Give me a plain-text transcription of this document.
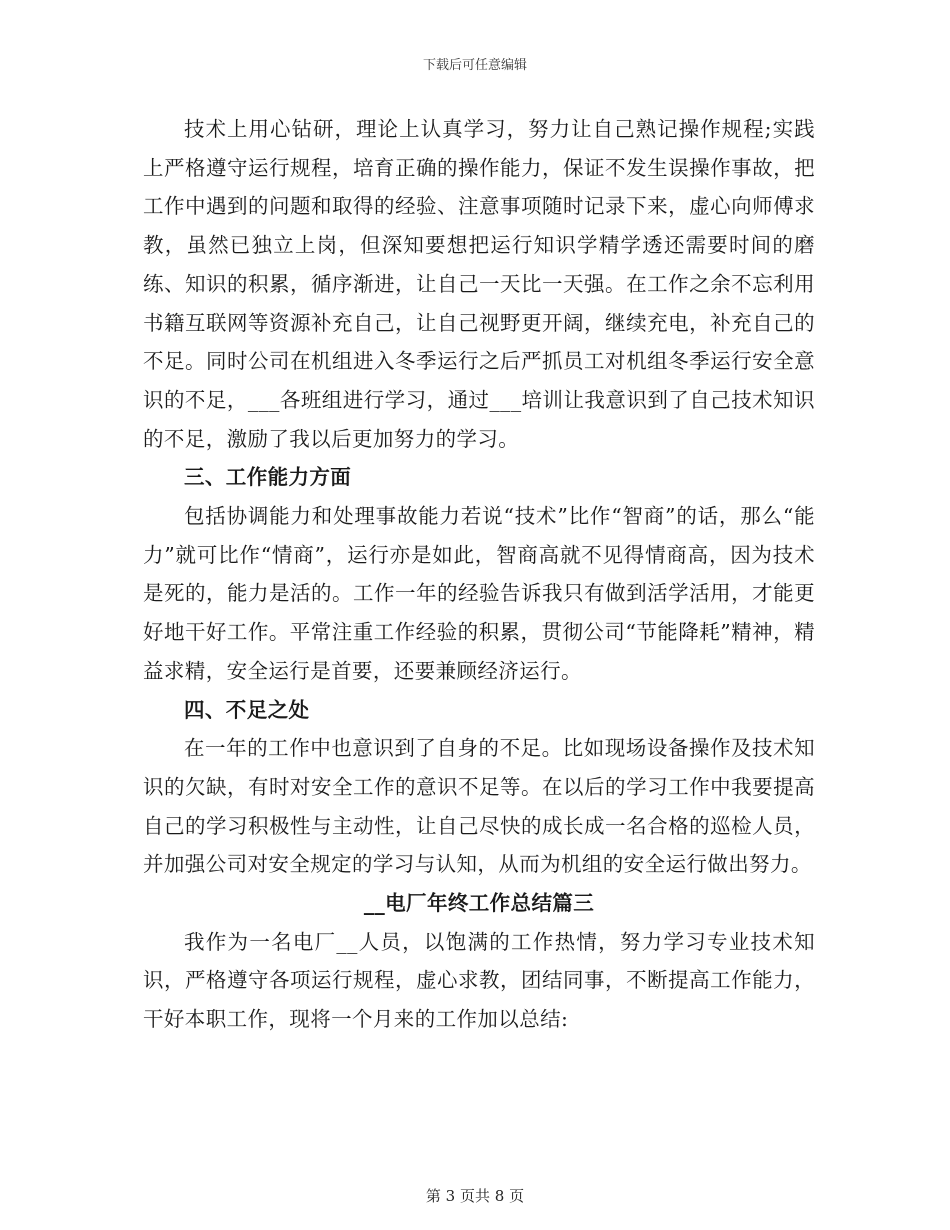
下载后可任意编辑

技术上用心钻研，理论上认真学习，努力让自己熟记操作规程;实践上严格遵守运行规程，培育正确的操作能力，保证不发生误操作事故，把工作中遇到的问题和取得的经验、注意事项随时记录下来，虚心向师傅求教，虽然已独立上岗，但深知要想把运行知识学精学透还需要时间的磨练、知识的积累，循序渐进，让自己一天比一天强。在工作之余不忘利用书籍互联网等资源补充自己，让自己视野更开阔，继续充电，补充自己的不足。同时公司在机组进入冬季运行之后严抓员工对机组冬季运行安全意识的不足，___各班组进行学习，通过___培训让我意识到了自己技术知识的不足，激励了我以后更加努力的学习。

三、工作能力方面

包括协调能力和处理事故能力若说“技术”比作“智商”的话，那么“能力”就可比作“情商”，运行亦是如此，智商高就不见得情商高，因为技术是死的，能力是活的。工作一年的经验告诉我只有做到活学活用，才能更好地干好工作。平常注重工作经验的积累，贯彻公司“节能降耗”精神，精益求精，安全运行是首要，还要兼顾经济运行。

四、不足之处

在一年的工作中也意识到了自身的不足。比如现场设备操作及技术知识的欠缺，有时对安全工作的意识不足等。在以后的学习工作中我要提高自己的学习积极性与主动性，让自己尽快的成长成一名合格的巡检人员，并加强公司对安全规定的学习与认知，从而为机组的安全运行做出努力。

__电厂年终工作总结篇三

我作为一名电厂__人员，以饱满的工作热情，努力学习专业技术知识，严格遵守各项运行规程，虚心求教，团结同事，不断提高工作能力，干好本职工作，现将一个月来的工作加以总结:

第 3 页共 8 页
